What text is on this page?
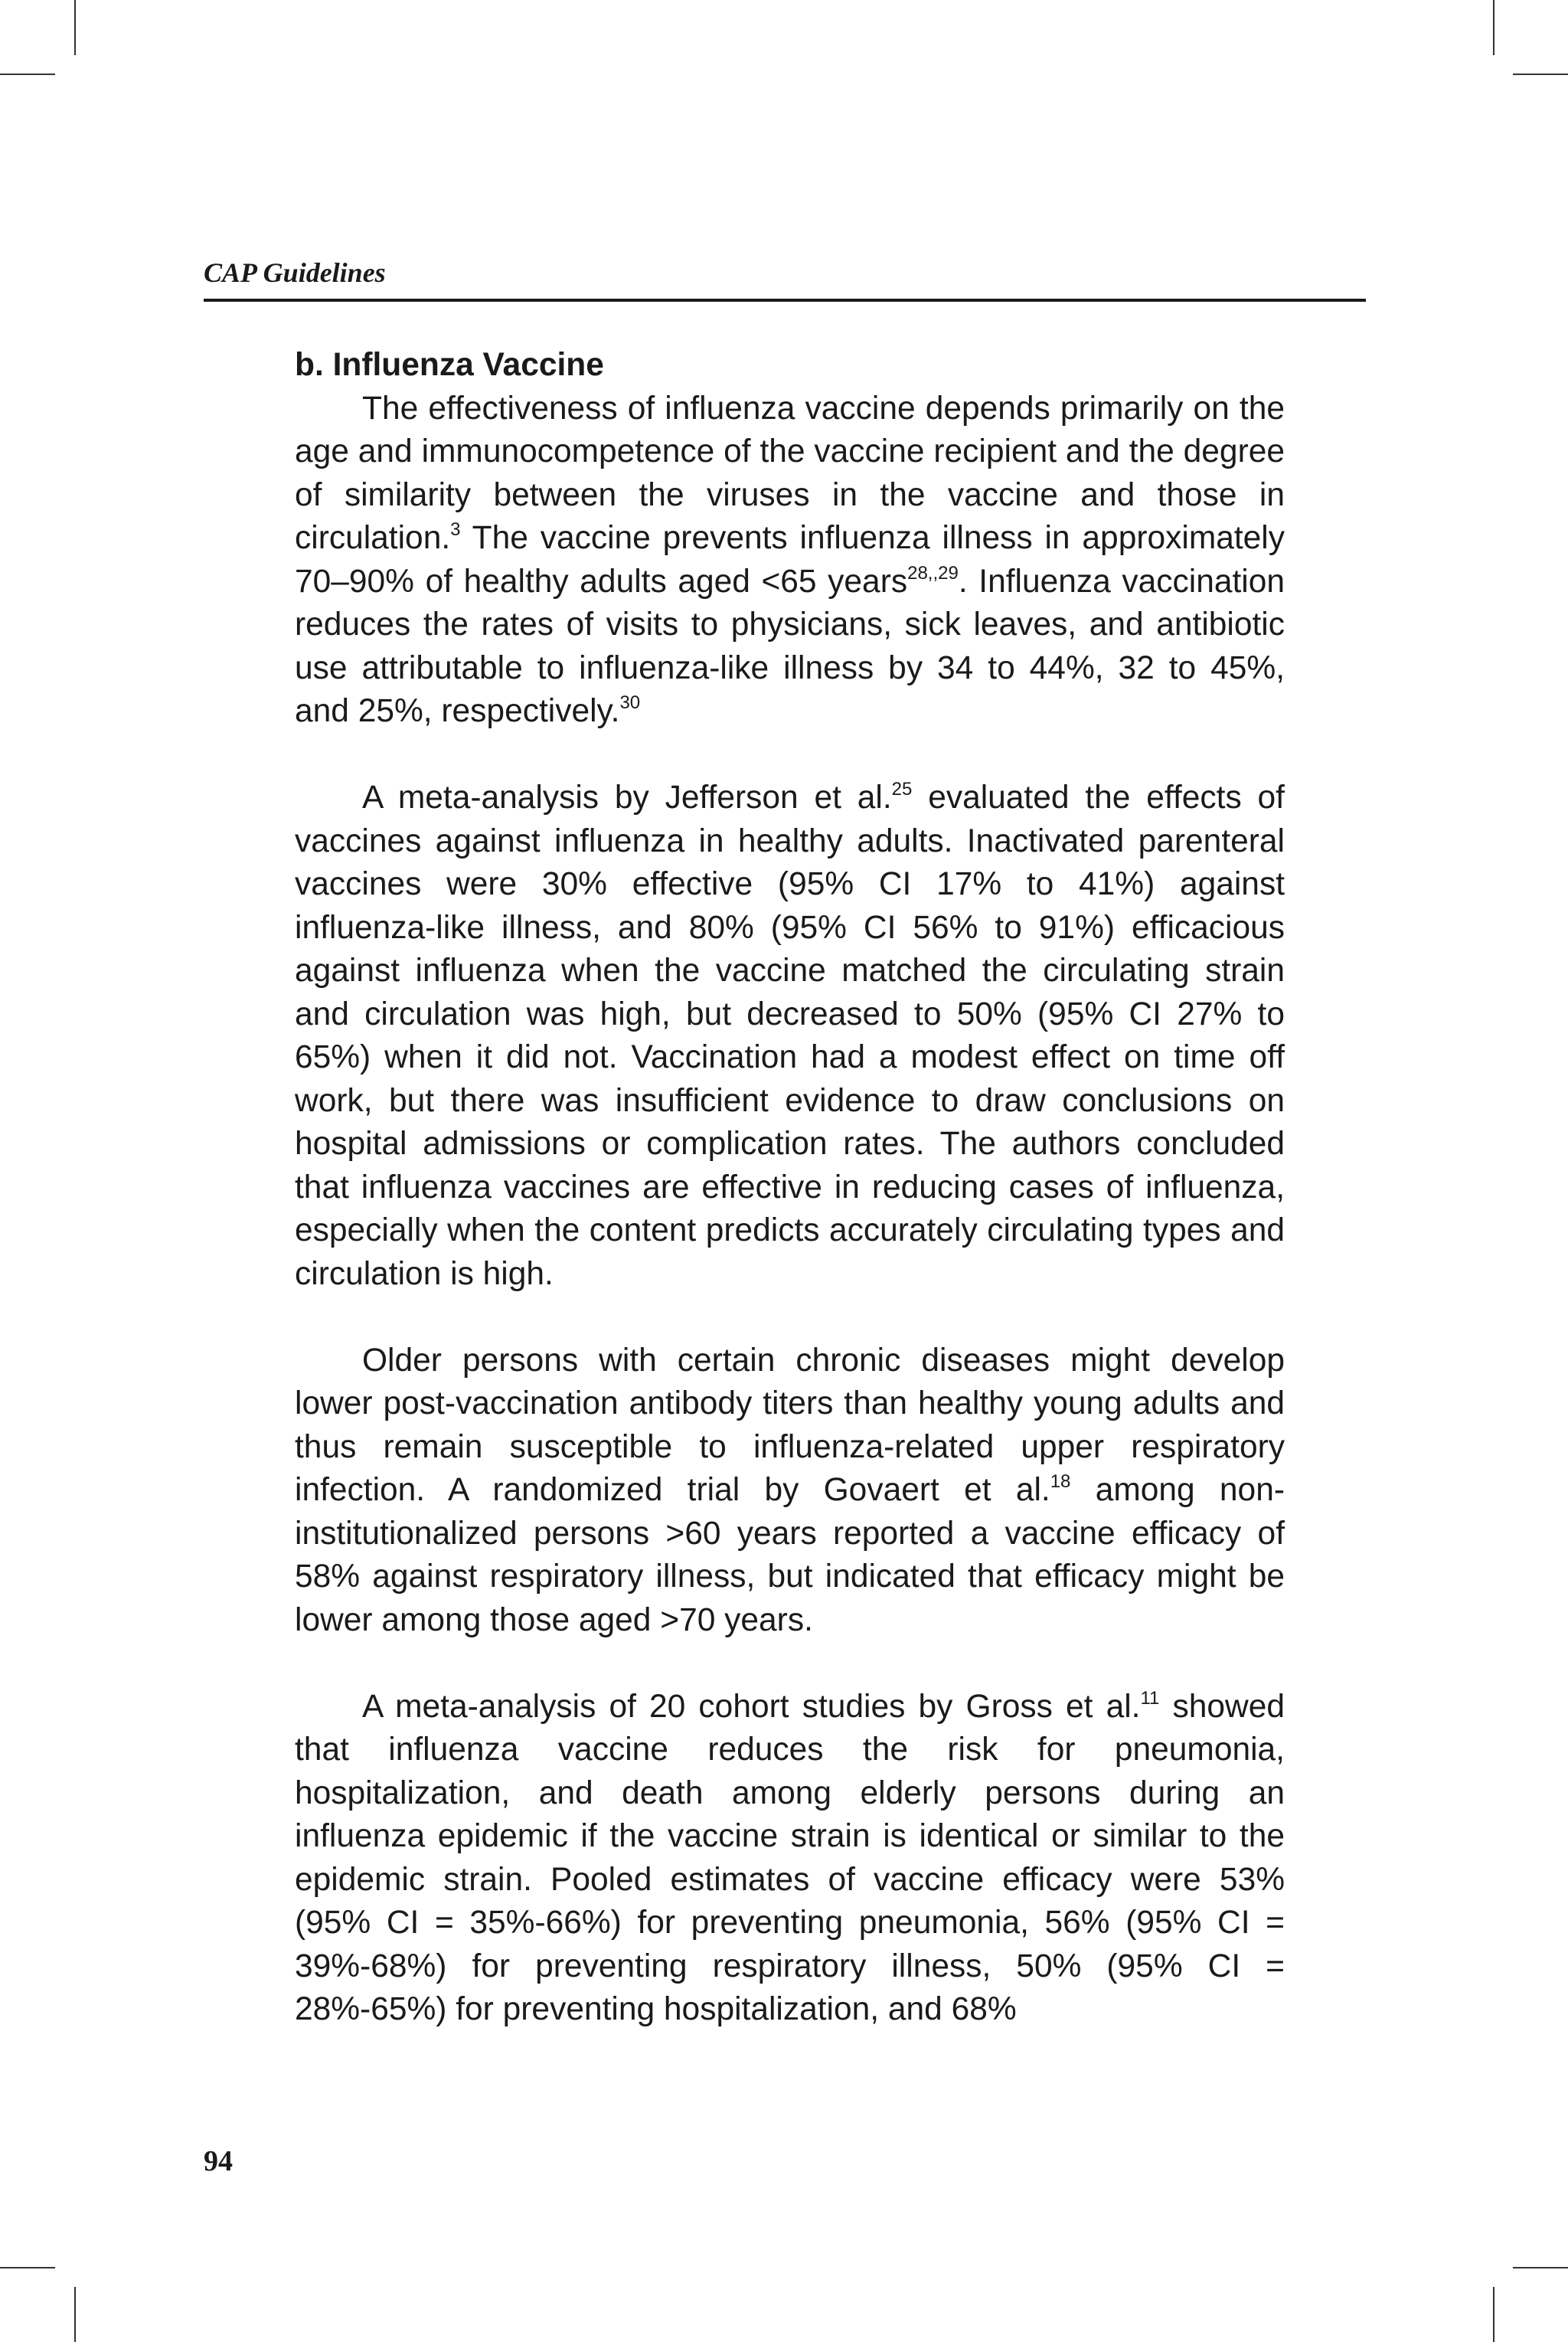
CAP Guidelines
b. Influenza Vaccine

The effectiveness of influenza vaccine depends primarily on the age and immunocompetence of the vaccine recipient and the degree of similarity between the viruses in the vaccine and those in circulation.$^3$ The vaccine prevents influenza illness in approximately 70–90% of healthy adults aged <65 years$^{28,,29}$. Influenza vaccination reduces the rates of visits to physicians, sick leaves, and antibiotic use attributable to influenza-like illness by 34 to 44%, 32 to 45%, and 25%, respectively.$^{30}$

A meta-analysis by Jefferson et al.$^{25}$ evaluated the effects of vaccines against influenza in healthy adults. Inactivated parenteral vaccines were 30% effective (95% CI 17% to 41%) against influenza-like illness, and 80% (95% CI 56% to 91%) efficacious against influenza when the vaccine matched the circulating strain and circulation was high, but decreased to 50% (95% CI 27% to 65%) when it did not. Vaccination had a modest effect on time off work, but there was insufficient evidence to draw conclusions on hospital admissions or complication rates. The authors concluded that influenza vaccines are effective in reducing cases of influenza, especially when the content predicts accurately circulating types and circulation is high.

Older persons with certain chronic diseases might develop lower post-vaccination antibody titers than healthy young adults and thus remain susceptible to influenza-related upper respiratory infection. A randomized trial by Govaert et al.$^{18}$ among non-institutionalized persons >60 years reported a vaccine efficacy of 58% against respiratory illness, but indicated that efficacy might be lower among those aged >70 years.

A meta-analysis of 20 cohort studies by Gross et al.$^{11}$ showed that influenza vaccine reduces the risk for pneumonia, hospitalization, and death among elderly persons during an influenza epidemic if the vaccine strain is identical or similar to the epidemic strain. Pooled estimates of vaccine efficacy were 53% (95% CI = 35%-66%) for preventing pneumonia, 56% (95% CI = 39%-68%) for preventing respiratory illness, 50% (95% CI = 28%-65%) for preventing hospitalization, and 68%

94
